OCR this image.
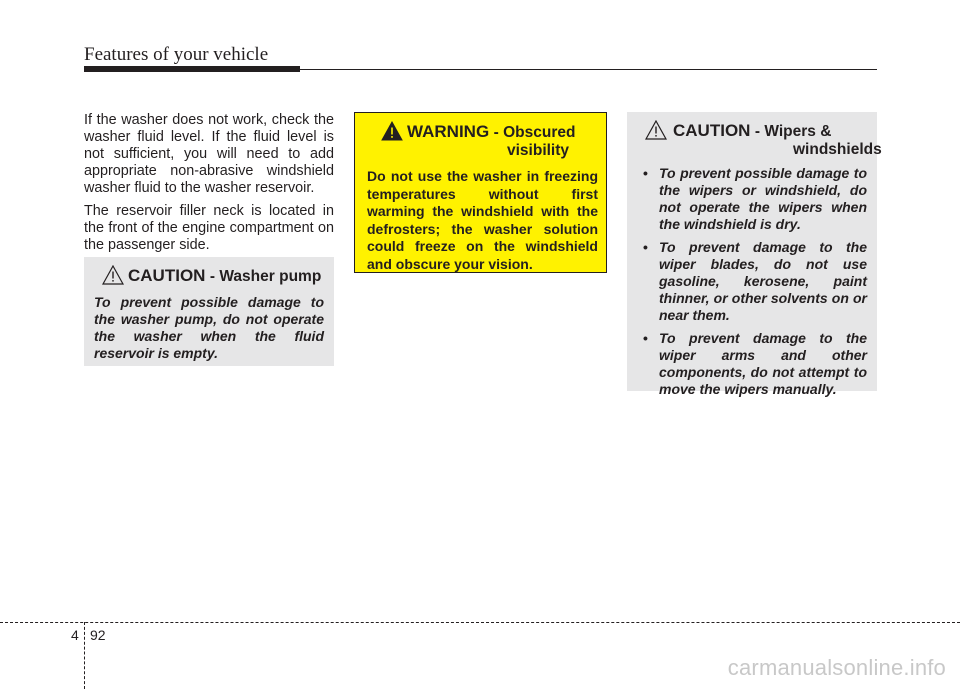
Features of your vehicle

If the washer does not work, check the washer fluid level. If the fluid level is not sufficient, you will need to add appropriate non-abrasive windshield washer fluid to the washer reservoir.

The reservoir filler neck is located in the front of the engine compartment on the passenger side.

CAUTION - Washer pump
To prevent possible damage to the washer pump, do not operate the washer when the fluid reservoir is empty.
WARNING - Obscured
visibility
Do not use the washer in freezing temperatures without first warming the windshield with the defrosters; the washer solution could freeze on the windshield and obscure your vision.
CAUTION - Wipers &
windshields
• To prevent possible damage to the wipers or windshield, do not operate the wipers when the windshield is dry.
• To prevent damage to the wiper blades, do not use gasoline, kerosene, paint thinner, or other solvents on or near them.
• To prevent damage to the wiper arms and other components, do not attempt to move the wipers manually.
4 92
carmanualsonline.info
